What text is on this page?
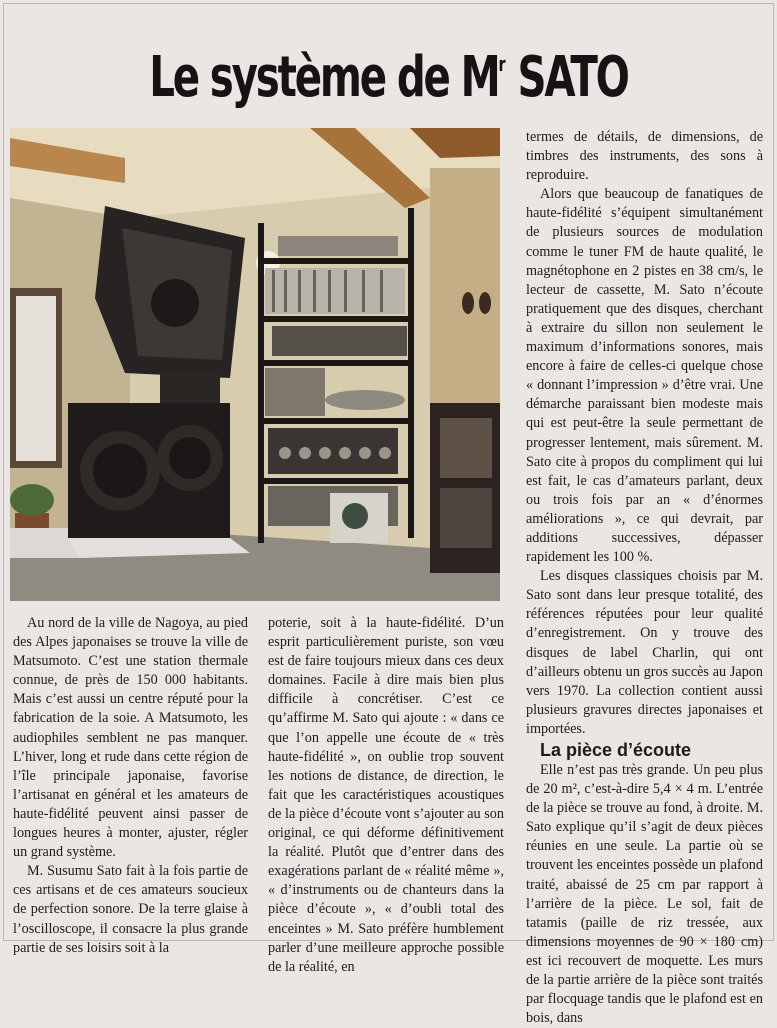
Le système de $M^r$ SATO

Au nord de la ville de Nagoya, au pied des Alpes japonaises se trouve la ville de Matsumoto. C’est une station thermale connue, de près de 150 000 habitants. Mais c’est aussi un centre réputé pour la fabrication de la soie. A Matsumoto, les audiophiles semblent ne pas manquer. L’hiver, long et rude dans cette région de l’île principale japonaise, favorise l’artisanat en général et les amateurs de haute-fidélité peuvent ainsi passer de longues heures à monter, ajuster, régler un grand système.

M. Susumu Sato fait à la fois partie de ces artisans et de ces amateurs soucieux de perfection sonore. De la terre glaise à l’oscilloscope, il consacre la plus grande partie de ses loisirs soit à la

poterie, soit à la haute-fidélité. D’un esprit particulièrement puriste, son vœu est de faire toujours mieux dans ces deux domaines. Facile à dire mais bien plus difficile à concrétiser. C’est ce qu’affirme M. Sato qui ajoute : « dans ce que l’on appelle une écoute de « très haute-fidélité », on oublie trop souvent les notions de distance, de direction, le fait que les caractéristiques acoustiques de la pièce d’écoute vont s’ajouter au son original, ce qui déforme définitivement la réalité. Plutôt que d’entrer dans des exagérations parlant de « réalité même », « d’instruments ou de chanteurs dans la pièce d’écoute », « d’oubli total des enceintes » M. Sato préfère humblement parler d’une meilleure approche possible de la réalité, en

termes de détails, de dimensions, de timbres des instruments, des sons à reproduire.

Alors que beaucoup de fanatiques de haute-fidélité s’équipent simultanément de plusieurs sources de modulation comme le tuner FM de haute qualité, le magnétophone en 2 pistes en 38 cm/s, le lecteur de cassette, M. Sato n’écoute pratiquement que des disques, cherchant à extraire du sillon non seulement le maximum d’informations sonores, mais encore à faire de celles-ci quelque chose « donnant l’impression » d’être vrai. Une démarche paraissant bien modeste mais qui est peut-être la seule permettant de progresser lentement, mais sûrement. M. Sato cite à propos du compliment qui lui est fait, le cas d’amateurs parlant, deux ou trois fois par an « d’énormes améliorations », ce qui devrait, par additions successives, dépasser rapidement les 100 %.

Les disques classiques choisis par M. Sato sont dans leur presque totalité, des références réputées pour leur qualité d’enregistrement. On y trouve des disques de label Charlin, qui ont d’ailleurs obtenu un gros succès au Japon vers 1970. La collection contient aussi plusieurs gravures directes japonaises et importées.

La pièce d’écoute

Elle n’est pas très grande. Un peu plus de 20 m², c’est-à-dire 5,4 × 4 m. L’entrée de la pièce se trouve au fond, à droite. M. Sato explique qu’il s’agit de deux pièces réunies en une seule. La partie où se trouvent les enceintes possède un plafond traité, abaissé de 25 cm par rapport à l’arrière de la pièce. Le sol, fait de tatamis (paille de riz tressée, aux dimensions moyennes de 90 × 180 cm) est ici recouvert de moquette. Les murs de la partie arrière de la pièce sont traités par flocquage tandis que le plafond est en bois, dans
